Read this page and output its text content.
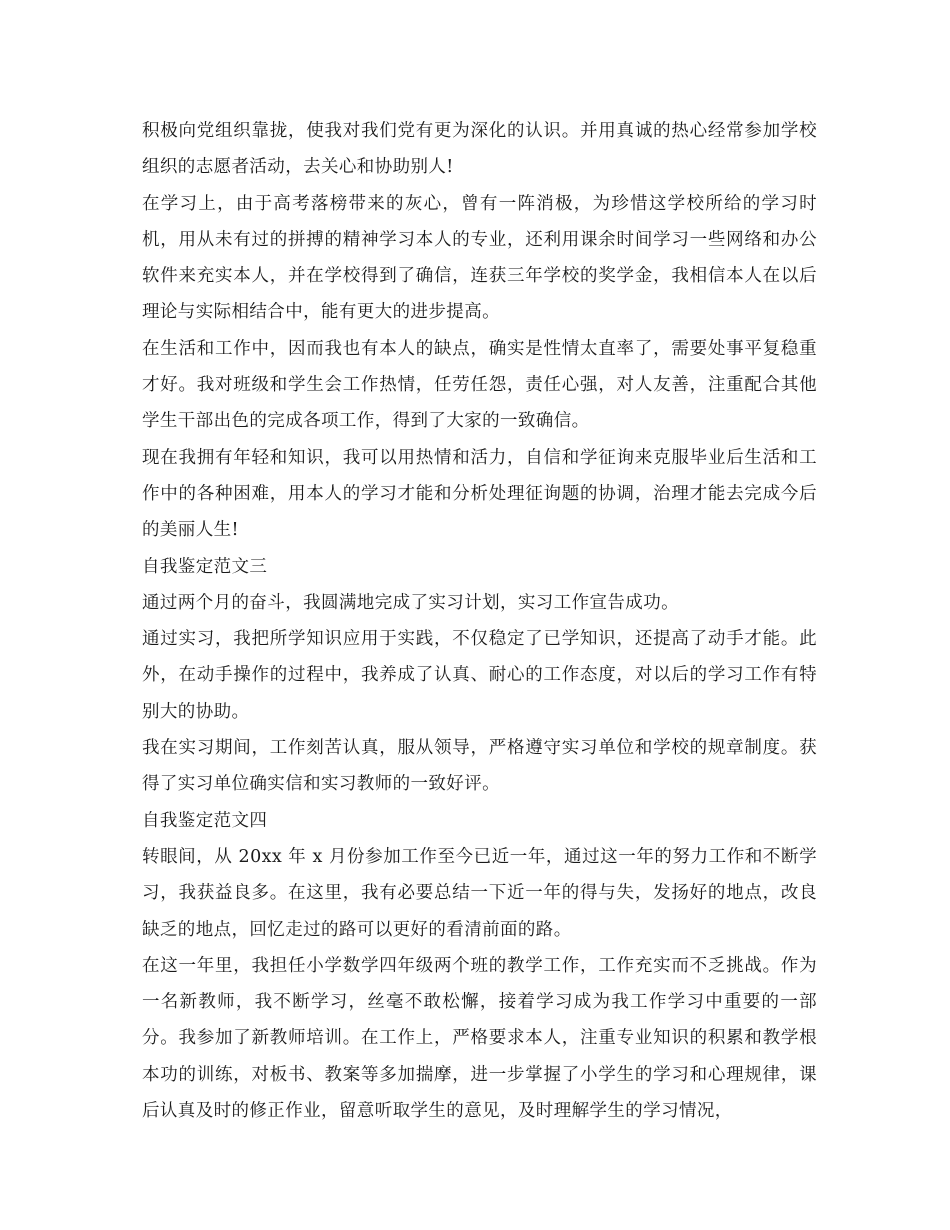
积极向党组织靠拢，使我对我们党有更为深化的认识。并用真诚的热心经常参加学校组织的志愿者活动，去关心和协助别人!

在学习上，由于高考落榜带来的灰心，曾有一阵消极，为珍惜这学校所给的学习时机，用从未有过的拼搏的精神学习本人的专业，还利用课余时间学习一些网络和办公软件来充实本人，并在学校得到了确信，连获三年学校的奖学金，我相信本人在以后理论与实际相结合中，能有更大的进步提高。

在生活和工作中，因而我也有本人的缺点，确实是性情太直率了，需要处事平复稳重才好。我对班级和学生会工作热情，任劳任怨，责任心强，对人友善，注重配合其他学生干部出色的完成各项工作，得到了大家的一致确信。

现在我拥有年轻和知识，我可以用热情和活力，自信和学征询来克服毕业后生活和工作中的各种困难，用本人的学习才能和分析处理征询题的协调，治理才能去完成今后的美丽人生!

自我鉴定范文三

通过两个月的奋斗，我圆满地完成了实习计划，实习工作宣告成功。

通过实习，我把所学知识应用于实践，不仅稳定了已学知识，还提高了动手才能。此外，在动手操作的过程中，我养成了认真、耐心的工作态度，对以后的学习工作有特别大的协助。

我在实习期间，工作刻苦认真，服从领导，严格遵守实习单位和学校的规章制度。获得了实习单位确实信和实习教师的一致好评。

自我鉴定范文四

转眼间，从 20xx 年 x 月份参加工作至今已近一年，通过这一年的努力工作和不断学习，我获益良多。在这里，我有必要总结一下近一年的得与失，发扬好的地点，改良缺乏的地点，回忆走过的路可以更好的看清前面的路。

在这一年里，我担任小学数学四年级两个班的教学工作，工作充实而不乏挑战。作为一名新教师，我不断学习，丝毫不敢松懈，接着学习成为我工作学习中重要的一部分。我参加了新教师培训。在工作上，严格要求本人，注重专业知识的积累和教学根本功的训练，对板书、教案等多加揣摩，进一步掌握了小学生的学习和心理规律，课后认真及时的修正作业，留意听取学生的意见，及时理解学生的学习情况，
